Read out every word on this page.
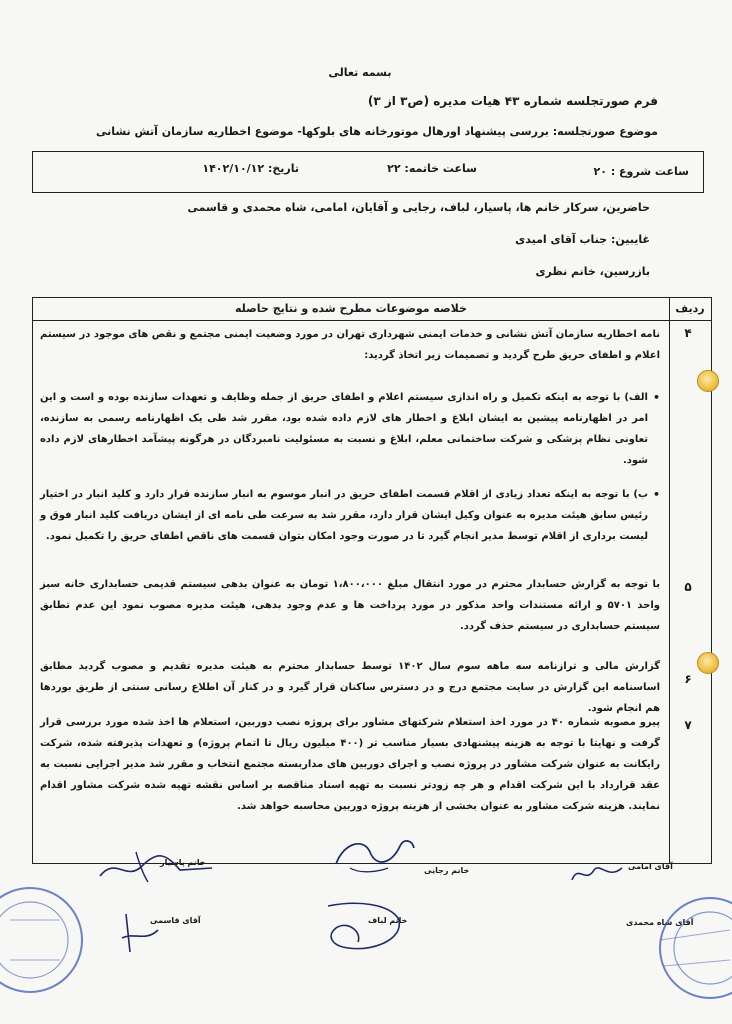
بسمه تعالی
فرم صورتجلسه شماره ۴۳ هیات مدیره (ص۳ از ۳)
موضوع صورتجلسه: بررسی پیشنهاد اورهال موتورخانه های بلوکها- موضوع اخطاریه سازمان آتش نشانی
ساعت شروع : ۲۰
ساعت خاتمه: ۲۲
تاریخ: ۱۴۰۲/۱۰/۱۲
حاضرین، سرکار خانم ها، پاسیار، لباف، رجایی و آقایان، امامی، شاه محمدی و قاسمی
غایبین: جناب آقای امیدی
بازرسین، خانم نظری
خلاصه موضوعات مطرح شده و نتایج حاصله	ردیف
۴
نامه اخطاریه سازمان آتش نشانی و خدمات ایمنی شهرداری تهران در مورد وضعیت ایمنی مجتمع و نقص های موجود در سیستم اعلام و اطفای حریق طرح گردید و تصمیمات زیر اتخاذ گردید:
• الف) با توجه به اینکه تکمیل و راه اندازی سیستم اعلام و اطفای حریق از جمله وظایف و تعهدات سازنده بوده و است و این امر در اظهارنامه پیشین به ایشان ابلاغ و اخطار های لازم داده شده بود، مقرر شد طی یک اظهارنامه رسمی به سازنده، تعاونی نظام پزشکی و شرکت ساختمانی معلم، ابلاغ و نسبت به مسئولیت نامبردگان در هرگونه پیشآمد اخطارهای لازم داده شود.
• ب) با توجه به اینکه تعداد زیادی از اقلام قسمت اطفای حریق در انبار موسوم به انبار سازنده قرار دارد و کلید انبار در اختیار رئیس سابق هیئت مدیره به عنوان وکیل ایشان قرار دارد، مقرر شد به سرعت طی نامه ای از ایشان دریافت کلید انبار فوق و لیست برداری از اقلام توسط مدیر انجام گیرد تا در صورت وجود امکان بتوان قسمت های ناقص اطفای حریق را تکمیل نمود.
۵
با توجه به گزارش حسابدار محترم در مورد انتقال مبلغ ۱،۸۰۰،۰۰۰ تومان به عنوان بدهی سیستم قدیمی حسابداری خانه سبز واحد ۵۷۰۱ و ارائه مستندات واحد مذکور در مورد پرداخت ها و عدم وجود بدهی، هیئت مدیره مصوب نمود این عدم تطابق سیستم حسابداری در سیستم حذف گردد.
۶
گزارش مالی و ترازنامه سه ماهه سوم سال ۱۴۰۲ توسط حسابدار محترم به هیئت مدیره تقدیم و مصوب گردید مطابق اساسنامه این گزارش در سایت مجتمع درج و در دسترس ساکنان قرار گیرد و در کنار آن اطلاع رسانی سنتی از طریق بوردها هم انجام شود.
۷
پیرو مصوبه شماره ۴۰ در مورد اخذ استعلام شرکتهای مشاور برای پروژه نصب دوربین، استعلام ها اخذ شده مورد بررسی قرار گرفت و نهایتا با توجه به هزینه پیشنهادی بسیار مناسب تر (۴۰۰ میلیون ریال تا اتمام پروژه) و تعهدات پذیرفته شده، شرکت رایکانت به عنوان شرکت مشاور در پروژه نصب و اجرای دوربین های مداربسته مجتمع انتخاب و مقرر شد مدیر اجرایی نسبت به عقد قرارداد با این شرکت اقدام و هر چه زودتر نسبت به تهیه اسناد مناقصه بر اساس نقشه تهیه شده شرکت مشاور اقدام نمایند. هزینه شرکت مشاور به عنوان بخشی از هزینه پروژه دوربین محاسبه خواهد شد.
خانم پاسیار
خانم رجایی	آقای امامی
آقای قاسمی	خانم لباف	آقای شاه محمدی
